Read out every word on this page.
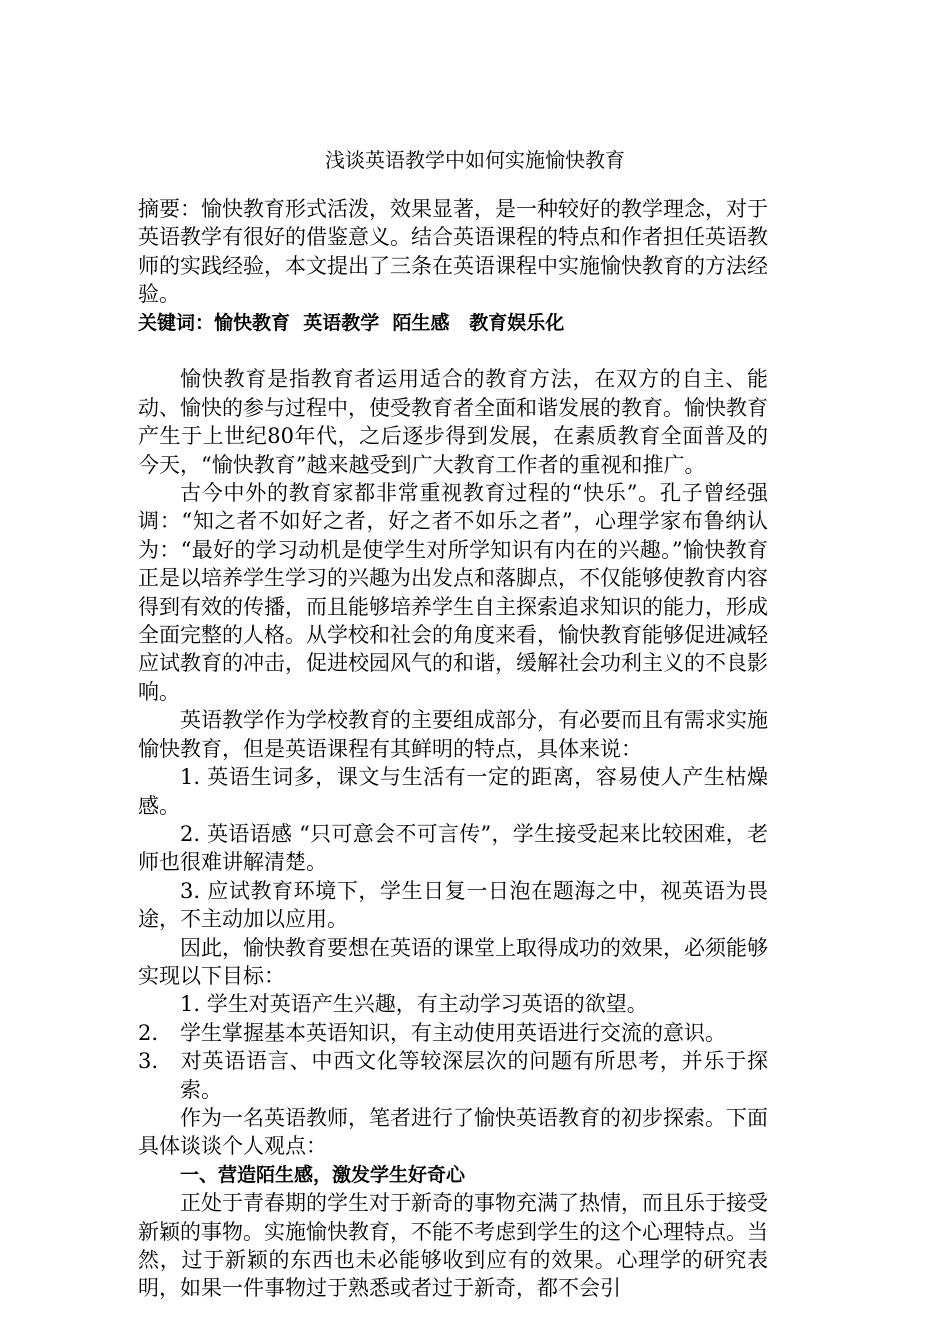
浅谈英语教学中如何实施愉快教育

摘要：愉快教育形式活泼，效果显著，是一种较好的教学理念，对于英语教学有很好的借鉴意义。结合英语课程的特点和作者担任英语教师的实践经验，本文提出了三条在英语课程中实施愉快教育的方法经验。

关键词：愉快教育  英语教学  陌生感   教育娱乐化

愉快教育是指教育者运用适合的教育方法，在双方的自主、能动、愉快的参与过程中，使受教育者全面和谐发展的教育。愉快教育产生于上世纪80年代，之后逐步得到发展，在素质教育全面普及的今天，“愉快教育”越来越受到广大教育工作者的重视和推广。

古今中外的教育家都非常重视教育过程的“快乐”。孔子曾经强调：“知之者不如好之者，好之者不如乐之者”，心理学家布鲁纳认为：“最好的学习动机是使学生对所学知识有内在的兴趣。”愉快教育正是以培养学生学习的兴趣为出发点和落脚点，不仅能够使教育内容得到有效的传播，而且能够培养学生自主探索追求知识的能力，形成全面完整的人格。从学校和社会的角度来看，愉快教育能够促进减轻应试教育的冲击，促进校园风气的和谐，缓解社会功利主义的不良影响。

英语教学作为学校教育的主要组成部分，有必要而且有需求实施愉快教育，但是英语课程有其鲜明的特点，具体来说：

1. 英语生词多，课文与生活有一定的距离，容易使人产生枯燥感。

2. 英语语感 “只可意会不可言传”，学生接受起来比较困难，老师也很难讲解清楚。

3. 应试教育环境下，学生日复一日泡在题海之中，视英语为畏途，不主动加以应用。

因此，愉快教育要想在英语的课堂上取得成功的效果，必须能够实现以下目标：

1. 学生对英语产生兴趣，有主动学习英语的欲望。

2. 学生掌握基本英语知识，有主动使用英语进行交流的意识。

3. 对英语语言、中西文化等较深层次的问题有所思考，并乐于探索。

作为一名英语教师，笔者进行了愉快英语教育的初步探索。下面具体谈谈个人观点：

一、营造陌生感，激发学生好奇心

正处于青春期的学生对于新奇的事物充满了热情，而且乐于接受新颖的事物。实施愉快教育，不能不考虑到学生的这个心理特点。当然，过于新颖的东西也未必能够收到应有的效果。心理学的研究表明，如果一件事物过于熟悉或者过于新奇，都不会引
